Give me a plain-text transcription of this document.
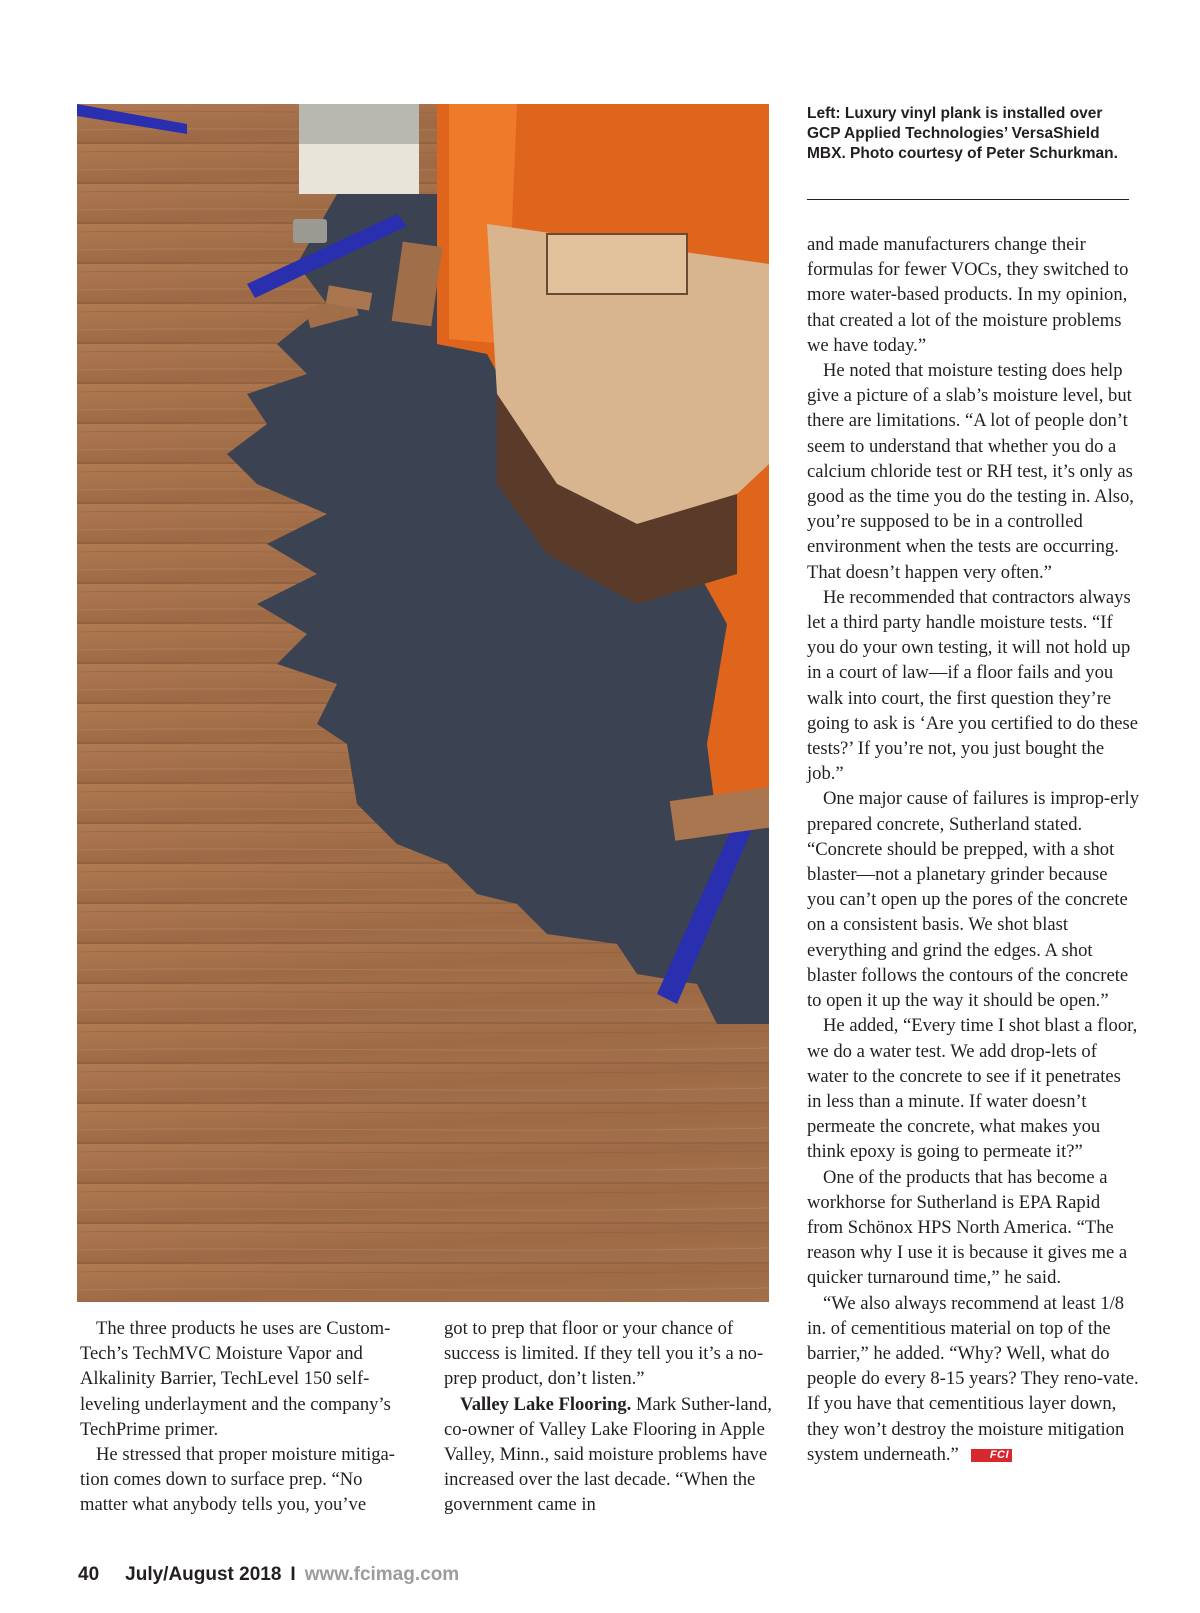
Left: Luxury vinyl plank is installed over GCP Applied Technologies’ VersaShield MBX. Photo courtesy of Peter Schurkman.

The three products he uses are Custom-Tech’s TechMVC Moisture Vapor and Alkalinity Barrier, TechLevel 150 self-leveling underlayment and the company’s TechPrime primer.

He stressed that proper moisture mitiga-tion comes down to surface prep. “No matter what anybody tells you, you’ve

got to prep that floor or your chance of success is limited. If they tell you it’s a no-prep product, don’t listen.”

Valley Lake Flooring. Mark Suther-land, co-owner of Valley Lake Flooring in Apple Valley, Minn., said moisture problems have increased over the last decade. “When the government came in

and made manufacturers change their formulas for fewer VOCs, they switched to more water-based products. In my opinion, that created a lot of the moisture problems we have today.”

He noted that moisture testing does help give a picture of a slab’s moisture level, but there are limitations. “A lot of people don’t seem to understand that whether you do a calcium chloride test or RH test, it’s only as good as the time you do the testing in. Also, you’re supposed to be in a controlled environment when the tests are occurring. That doesn’t happen very often.”

He recommended that contractors always let a third party handle moisture tests. “If you do your own testing, it will not hold up in a court of law—if a floor fails and you walk into court, the first question they’re going to ask is ‘Are you certified to do these tests?’ If you’re not, you just bought the job.”

One major cause of failures is improp-erly prepared concrete, Sutherland stated. “Concrete should be prepped, with a shot blaster—not a planetary grinder because you can’t open up the pores of the concrete on a consistent basis. We shot blast everything and grind the edges. A shot blaster follows the contours of the concrete to open it up the way it should be open.”

He added, “Every time I shot blast a floor, we do a water test. We add drop-lets of water to the concrete to see if it penetrates in less than a minute. If water doesn’t permeate the concrete, what makes you think epoxy is going to permeate it?”

One of the products that has become a workhorse for Sutherland is EPA Rapid from Schönox HPS North America. “The reason why I use it is because it gives me a quicker turnaround time,” he said.

“We also always recommend at least 1/8 in. of cementitious material on top of the barrier,” he added. “Why? Well, what do people do every 8-15 years? They reno-vate. If you have that cementitious layer down, they won’t destroy the moisture mitigation system underneath.”	FCI

40 July/August 2018 I www.fcimag.com
